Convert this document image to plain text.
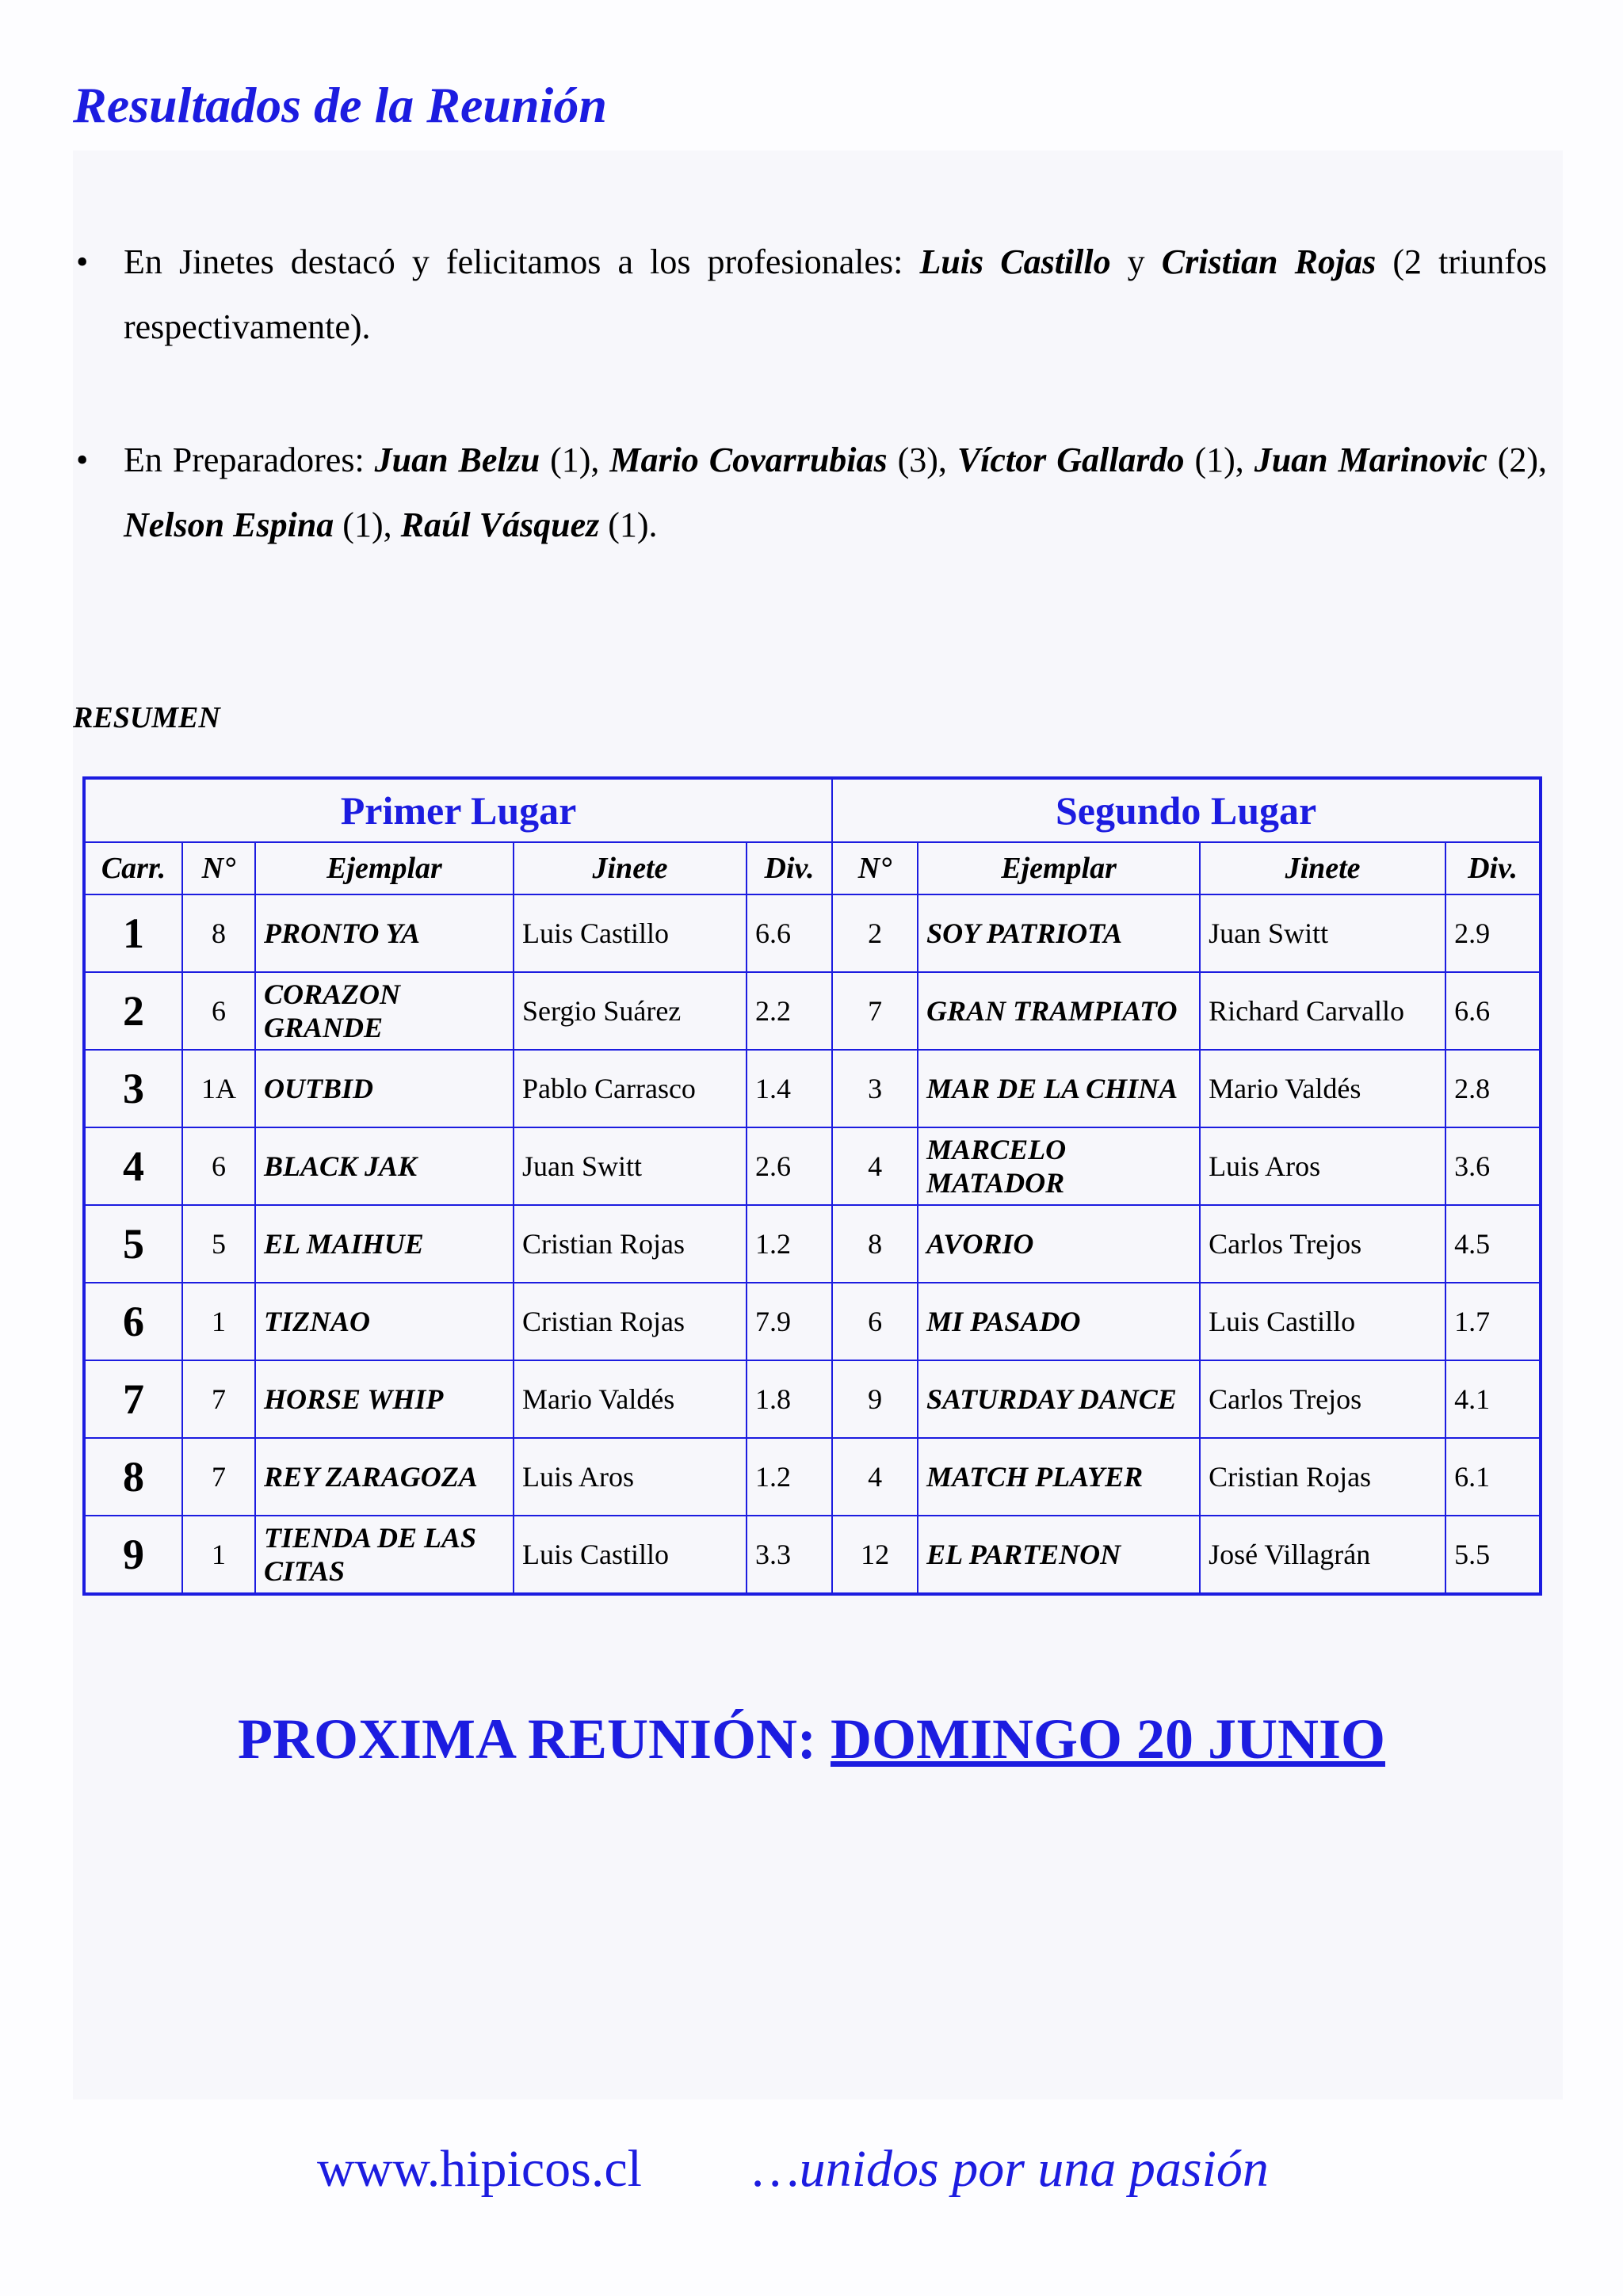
Resultados de la Reunión
• En Jinetes destacó y felicitamos a los profesionales: Luis Castillo y Cristian Rojas (2 triunfos respectivamente).
• En Preparadores: Juan Belzu (1), Mario Covarrubias (3), Víctor Gallardo (1), Juan Marinovic (2), Nelson Espina (1), Raúl Vásquez (1).
RESUMEN
Primer Lugar					Segundo Lugar			
Carr.	N°	Ejemplar	Jinete	Div.	N°	Ejemplar	Jinete	Div.
1	8	PRONTO YA	Luis Castillo	6.6	2	SOY PATRIOTA	Juan Switt	2.9
2	6	CORAZON GRANDE	Sergio Suárez	2.2	7	GRAN TRAMPIATO	Richard Carvallo	6.6
3	1A	OUTBID	Pablo Carrasco	1.4	3	MAR DE LA CHINA	Mario Valdés	2.8
4	6	BLACK JAK	Juan Switt	2.6	4	MARCELO MATADOR	Luis Aros	3.6
5	5	EL MAIHUE	Cristian Rojas	1.2	8	AVORIO	Carlos Trejos	4.5
6	1	TIZNAO	Cristian Rojas	7.9	6	MI PASADO	Luis Castillo	1.7
7	7	HORSE WHIP	Mario Valdés	1.8	9	SATURDAY DANCE	Carlos Trejos	4.1
8	7	REY ZARAGOZA	Luis Aros	1.2	4	MATCH PLAYER	Cristian Rojas	6.1
9	1	TIENDA DE LAS CITAS	Luis Castillo	3.3	12	EL PARTENON	José Villagrán	5.5
PROXIMA REUNIÓN: DOMINGO 20 JUNIO
www.hipicos.cl …unidos por una pasión
